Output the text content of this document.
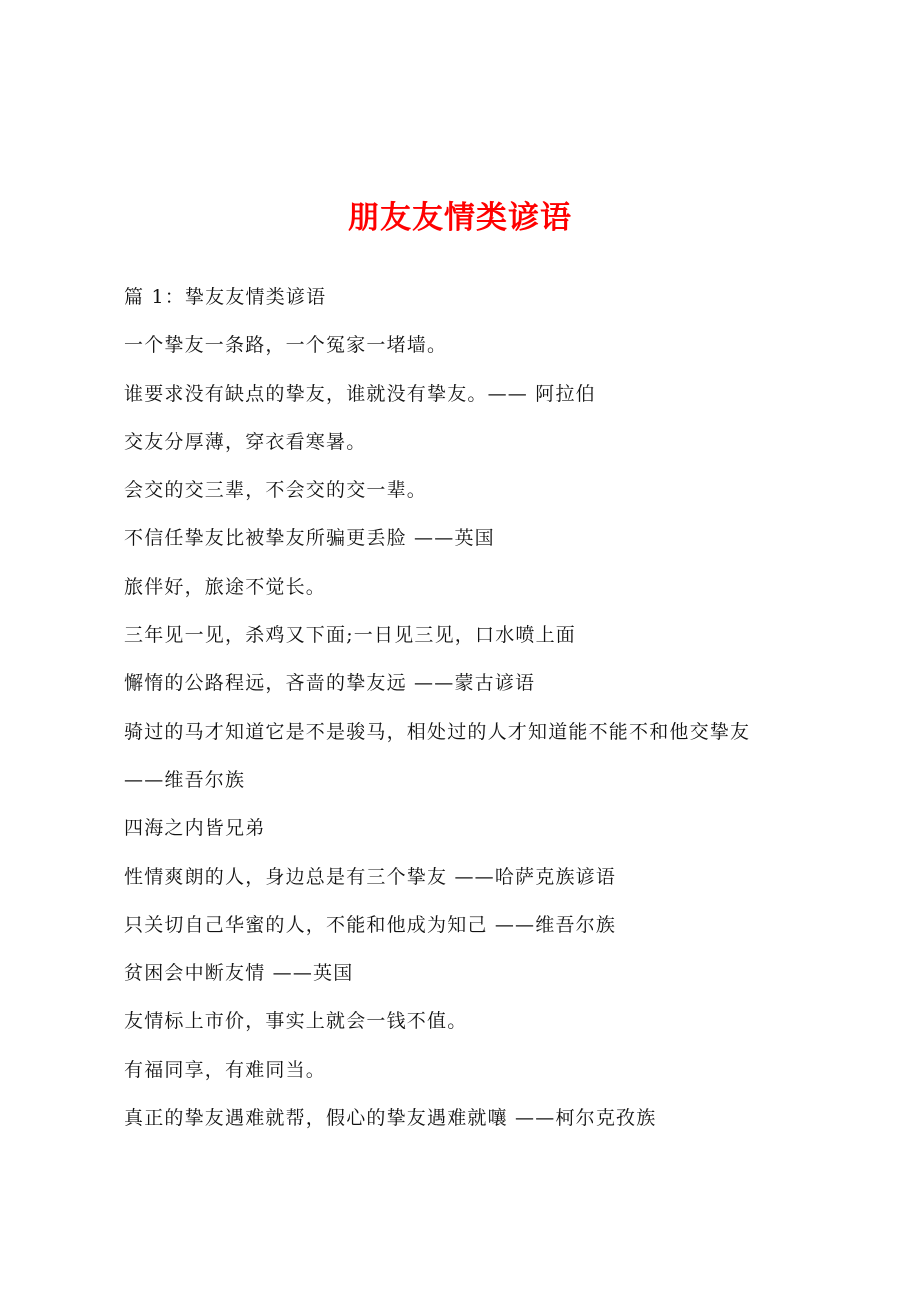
朋友友情类谚语
篇 1：挚友友情类谚语
一个挚友一条路，一个冤家一堵墙。
谁要求没有缺点的挚友，谁就没有挚友。—— 阿拉伯
交友分厚薄，穿衣看寒暑。
会交的交三辈，不会交的交一辈。
不信任挚友比被挚友所骗更丢脸 ——英国
旅伴好，旅途不觉长。
三年见一见，杀鸡又下面;一日见三见，口水喷上面
懈惰的公路程远，吝啬的挚友远 ——蒙古谚语
骑过的马才知道它是不是骏马，相处过的人才知道能不能不和他交挚友
——维吾尔族
四海之内皆兄弟
性情爽朗的人，身边总是有三个挚友 ——哈萨克族谚语
只关切自己华蜜的人，不能和他成为知己 ——维吾尔族
贫困会中断友情 ——英国
友情标上市价，事实上就会一钱不值。
有福同享，有难同当。
真正的挚友遇难就帮，假心的挚友遇难就嚷 ——柯尔克孜族
